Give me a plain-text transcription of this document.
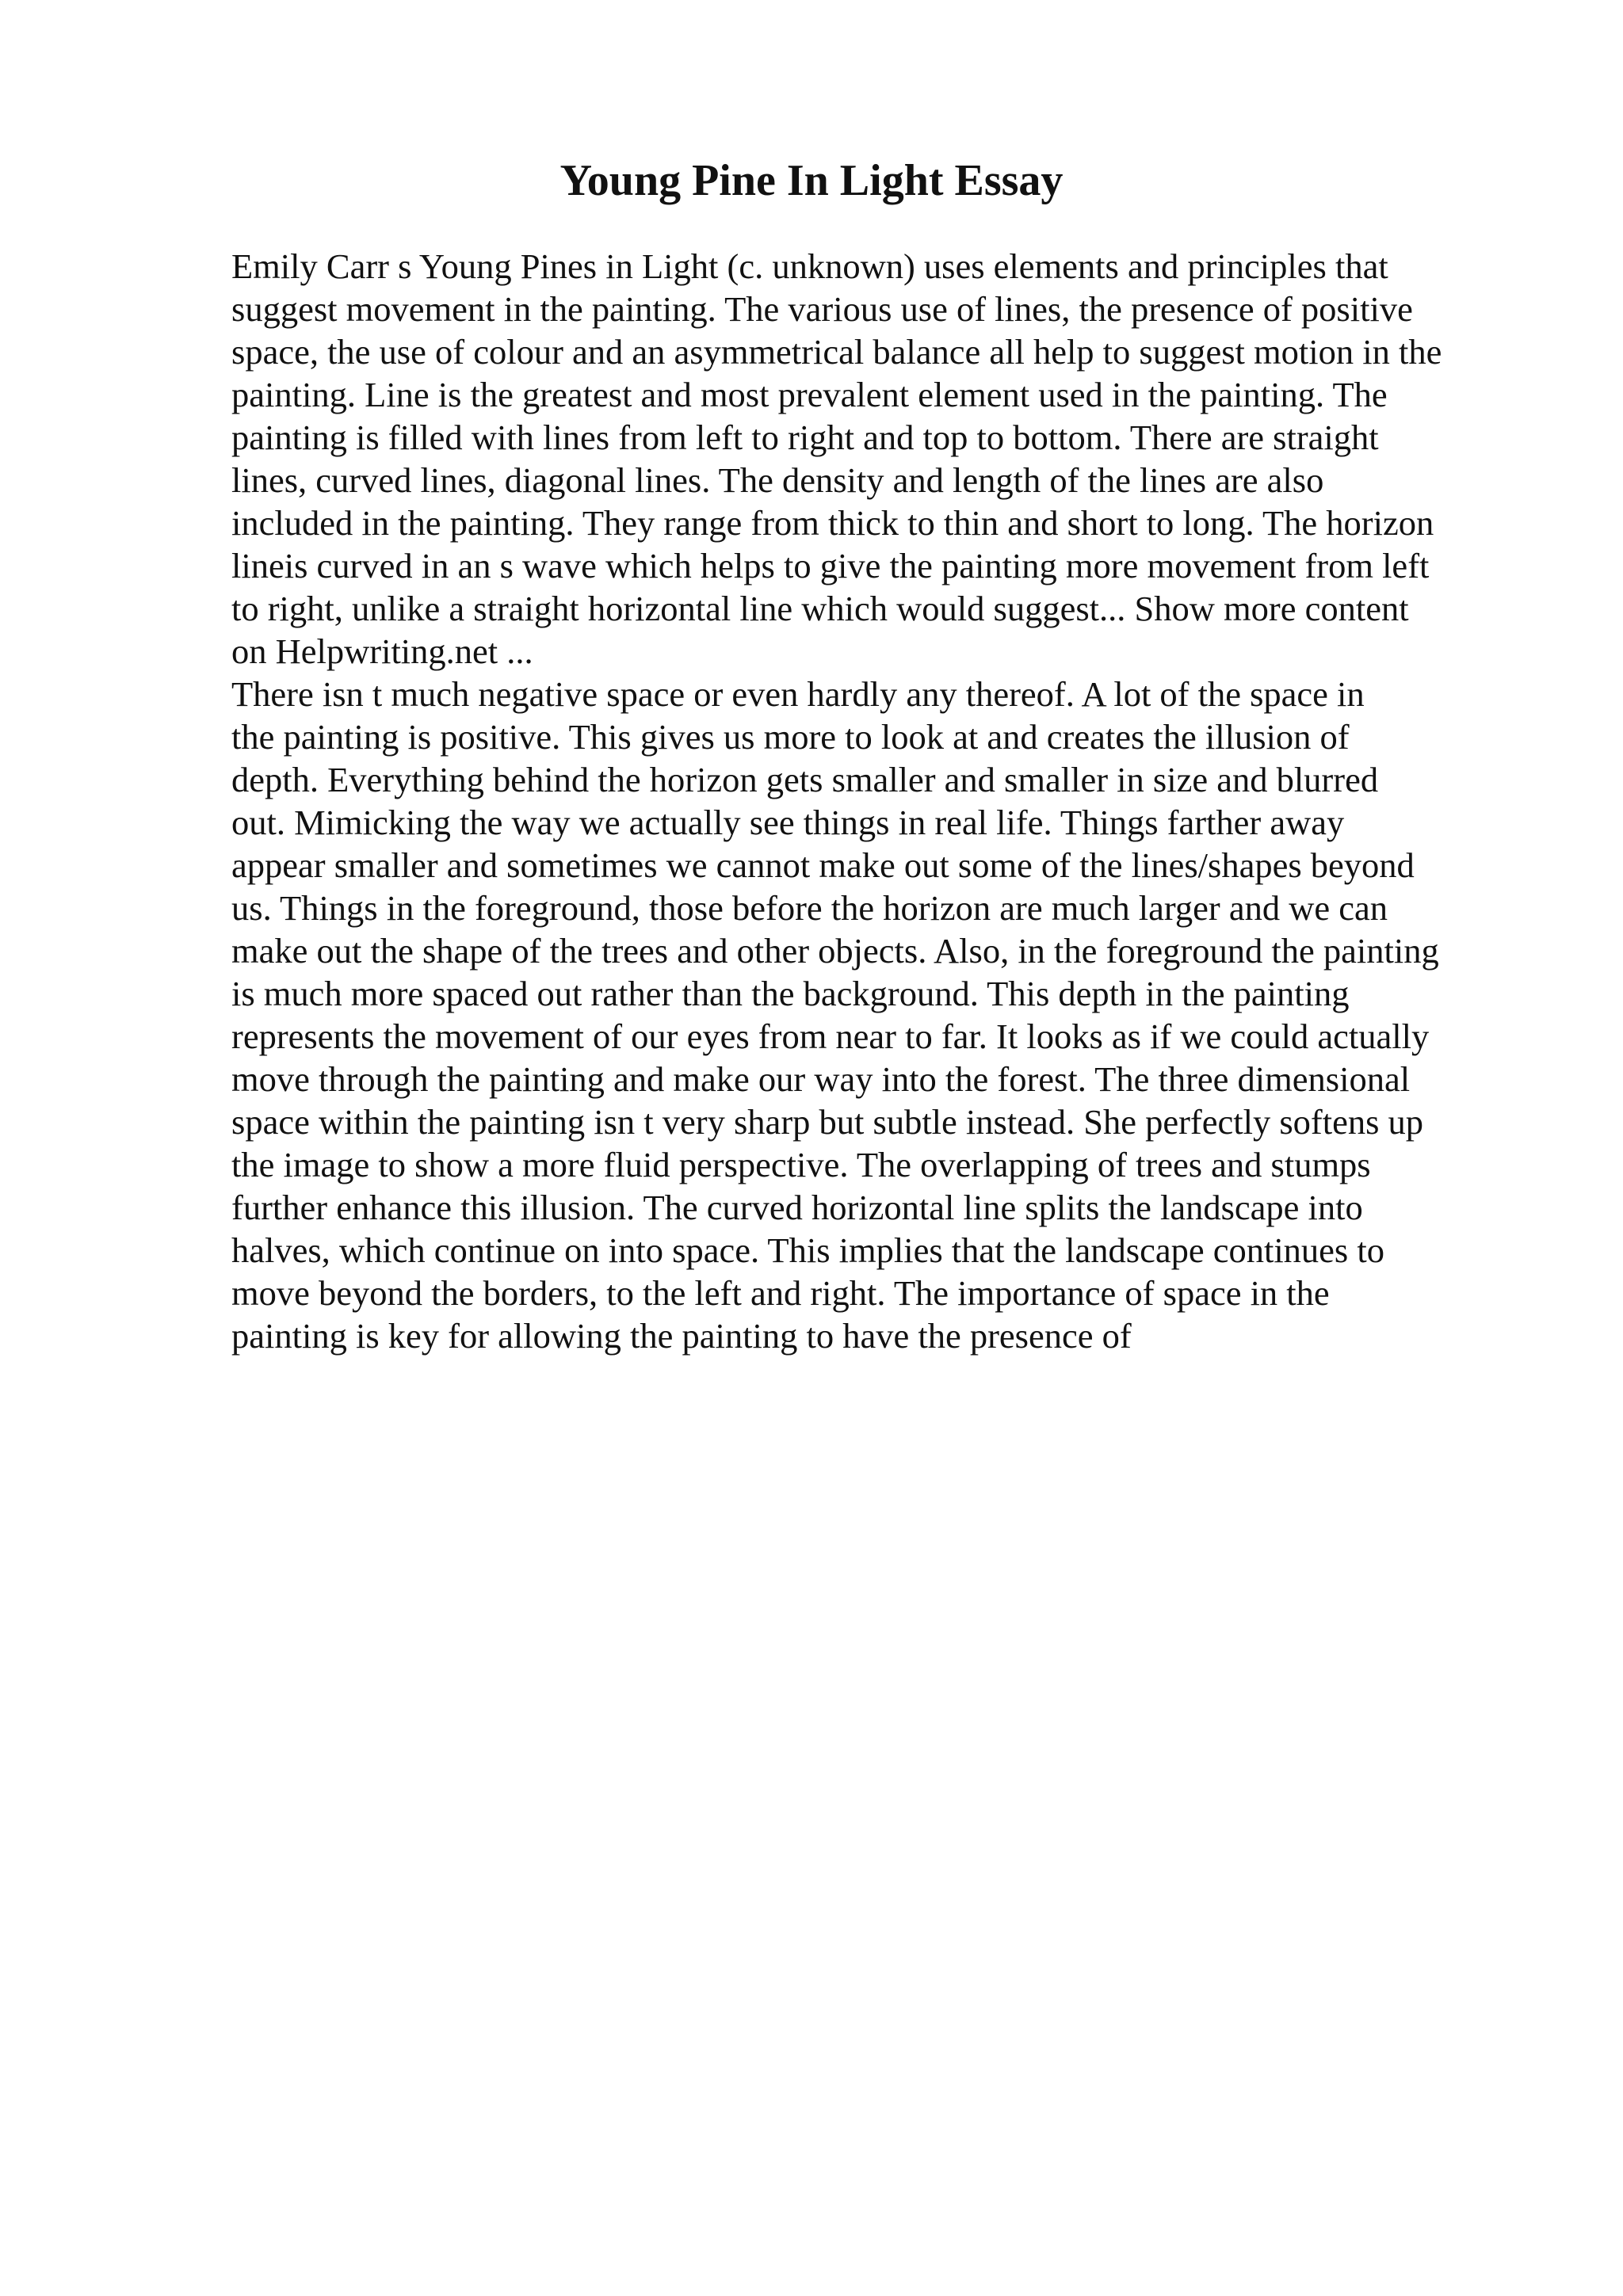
Young Pine In Light Essay
Emily Carr s Young Pines in Light (c. unknown) uses elements and principles that
suggest movement in the painting. The various use of lines, the presence of positive
space, the use of colour and an asymmetrical balance all help to suggest motion in the
painting. Line is the greatest and most prevalent element used in the painting. The
painting is filled with lines from left to right and top to bottom. There are straight
lines, curved lines, diagonal lines. The density and length of the lines are also
included in the painting. They range from thick to thin and short to long. The horizon
lineis curved in an s wave which helps to give the painting more movement from left
to right, unlike a straight horizontal line which would suggest... Show more content
on Helpwriting.net ...
There isn t much negative space or even hardly any thereof. A lot of the space in
the painting is positive. This gives us more to look at and creates the illusion of
depth. Everything behind the horizon gets smaller and smaller in size and blurred
out. Mimicking the way we actually see things in real life. Things farther away
appear smaller and sometimes we cannot make out some of the lines/shapes beyond
us. Things in the foreground, those before the horizon are much larger and we can
make out the shape of the trees and other objects. Also, in the foreground the painting
is much more spaced out rather than the background. This depth in the painting
represents the movement of our eyes from near to far. It looks as if we could actually
move through the painting and make our way into the forest. The three dimensional
space within the painting isn t very sharp but subtle instead. She perfectly softens up
the image to show a more fluid perspective. The overlapping of trees and stumps
further enhance this illusion. The curved horizontal line splits the landscape into
halves, which continue on into space. This implies that the landscape continues to
move beyond the borders, to the left and right. The importance of space in the
painting is key for allowing the painting to have the presence of
